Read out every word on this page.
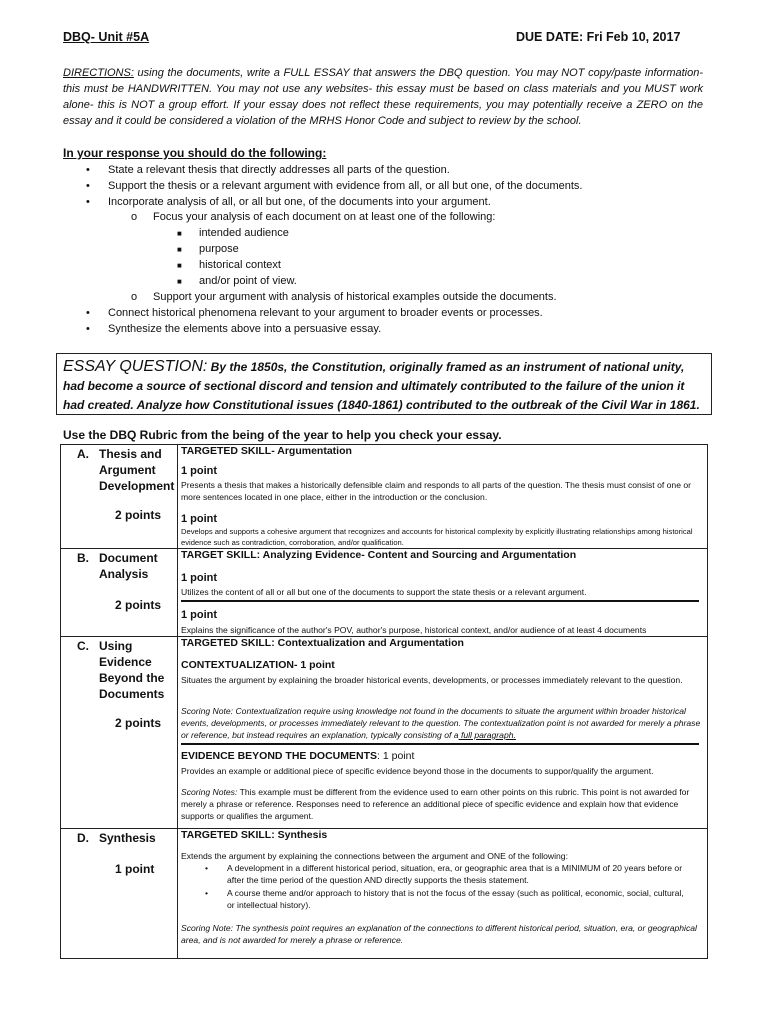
DBQ- Unit #5A	DUE DATE: Fri Feb 10, 2017
DIRECTIONS: using the documents, write a FULL ESSAY that answers the DBQ question. You may NOT copy/paste information- this must be HANDWRITTEN. You may not use any websites- this essay must be based on class materials and you MUST work alone- this is NOT a group effort. If your essay does not reflect these requirements, you may potentially receive a ZERO on the essay and it could be considered a violation of the MRHS Honor Code and subject to review by the school.
In your response you should do the following:
• State a relevant thesis that directly addresses all parts of the question.
• Support the thesis or a relevant argument with evidence from all, or all but one, of the documents.
• Incorporate analysis of all, or all but one, of the documents into your argument.
o Focus your analysis of each document on at least one of the following:
■ intended audience
■ purpose
■ historical context
■ and/or point of view.
o Support your argument with analysis of historical examples outside the documents.
• Connect historical phenomena relevant to your argument to broader events or processes.
• Synthesize the elements above into a persuasive essay.
ESSAY QUESTION: By the 1850s, the Constitution, originally framed as an instrument of national unity, had become a source of sectional discord and tension and ultimately contributed to the failure of the union it had created. Analyze how Constitutional issues (1840-1861) contributed to the outbreak of the Civil War in 1861.
Use the DBQ Rubric from the being of the year to help you check your essay.
A. Thesis and Argument Development
2 points
TARGETED SKILL- Argumentation
1 point
Presents a thesis that makes a historically defensible claim and responds to all parts of the question. The thesis must consist of one or more sentences located in one place, either in the introduction or the conclusion.
1 point
Develops and supports a cohesive argument that recognizes and accounts for historical complexity by explicitly illustrating relationships among historical evidence such as contradiction, corroboration, and/or qualification.
B. Document Analysis
2 points
TARGET SKILL: Analyzing Evidence- Content and Sourcing and Argumentation
1 point
Utilizes the content of all or all but one of the documents to support the state thesis or a relevant argument.
1 point
Explains the significance of the author's POV, author's purpose, historical context, and/or audience of at least 4 documents
C. Using Evidence Beyond the Documents
2 points
TARGETED SKILL: Contextualization and Argumentation
CONTEXTUALIZATION- 1 point
Situates the argument by explaining the broader historical events, developments, or processes immediately relevant to the question.
Scoring Note: Contextualization require using knowledge not found in the documents to situate the argument within broader historical events, developments, or processes immediately relevant to the question. The contextualization point is not awarded for merely a phrase or reference, but instead requires an explanation, typically consisting of a full paragraph.
EVIDENCE BEYOND THE DOCUMENTS: 1 point
Provides an example or additional piece of specific evidence beyond those in the documents to suppor/qualify the argument.
Scoring Notes: This example must be different from the evidence used to earn other points on this rubric. This point is not awarded for merely a phrase or reference. Responses need to reference an additional piece of specific evidence and explain how that evidence supports or qualifies the argument.
D. Synthesis
1 point
TARGETED SKILL: Synthesis
Extends the argument by explaining the connections between the argument and ONE of the following:
• A development in a different historical period, situation, era, or geographic area that is a MINIMUM of 20 years before or after the time period of the question AND directly supports the thesis statement.
• A course theme and/or approach to history that is not the focus of the essay (such as political, economic, social, cultural, or intellectual history).
Scoring Note: The synthesis point requires an explanation of the connections to different historical period, situation, era, or geographical area, and is not awarded for merely a phrase or reference.
